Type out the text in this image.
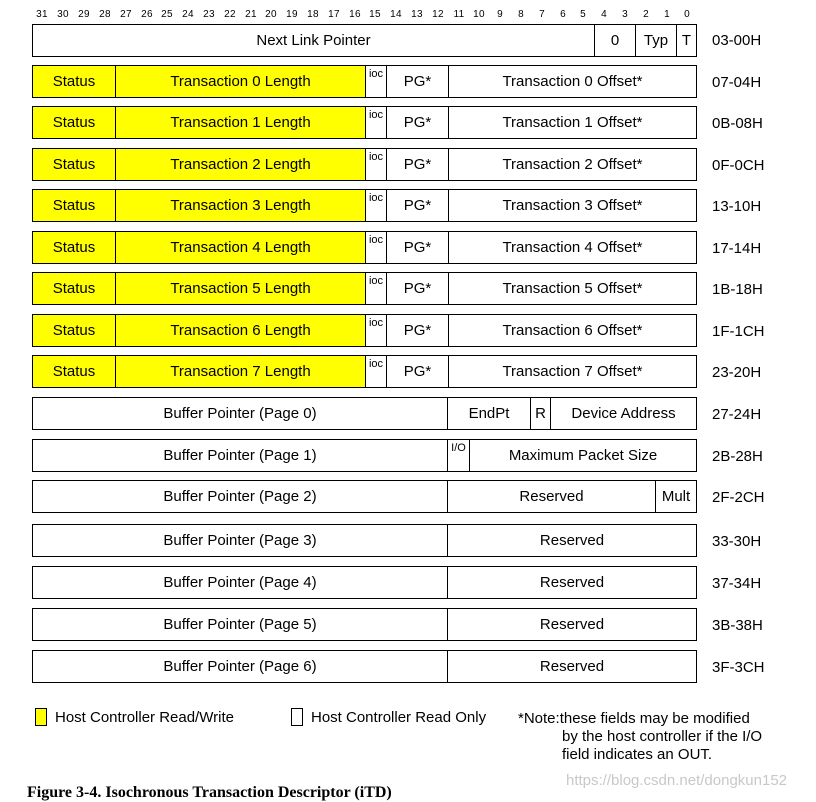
31 30 29 28 27 26 25 24 23 22 21 20 19 18 17 16 15 14 13 12 11 10	9	8	7	6	5	4	3	2	1	0
Next Link Pointer	0	Typ T	03-00H
Status	Transaction 0 Length	ioc	PG*	Transaction 0 Offset*	07-04H
Status	Transaction 1 Length	ioc	PG*	Transaction 1 Offset*	0B-08H
Status	Transaction 2 Length	ioc	PG*	Transaction 2 Offset*	0F-0CH
Status	Transaction 3 Length	ioc	PG*	Transaction 3 Offset*	13-10H
Status	Transaction 4 Length	ioc	PG*	Transaction 4 Offset*	17-14H
Status	Transaction 5 Length	ioc	PG*	Transaction 5 Offset*	1B-18H
Status	Transaction 6 Length	ioc	PG*	Transaction 6 Offset*	1F-1CH
Status	Transaction 7 Length	ioc	PG*	Transaction 7 Offset*	23-20H
Buffer Pointer (Page 0)	EndPt	R	Device Address	27-24H
Buffer Pointer (Page 1)	I/O	Maximum Packet Size	2B-28H
Buffer Pointer (Page 2)	Reserved	Mult	2F-2CH
Buffer Pointer (Page 3)	Reserved	33-30H
Buffer Pointer (Page 4)	Reserved	37-34H
Buffer Pointer (Page 5)	Reserved	3B-38H
Buffer Pointer (Page 6)	Reserved	3F-3CH
Host Controller Read/Write	Host Controller Read Only *Note:these fields may be modified
by the host controller if the I/O
field indicates an OUT.
https://blog.csdn.net/dongkun152
Figure 3-4. Isochronous Transaction Descriptor (iTD)
